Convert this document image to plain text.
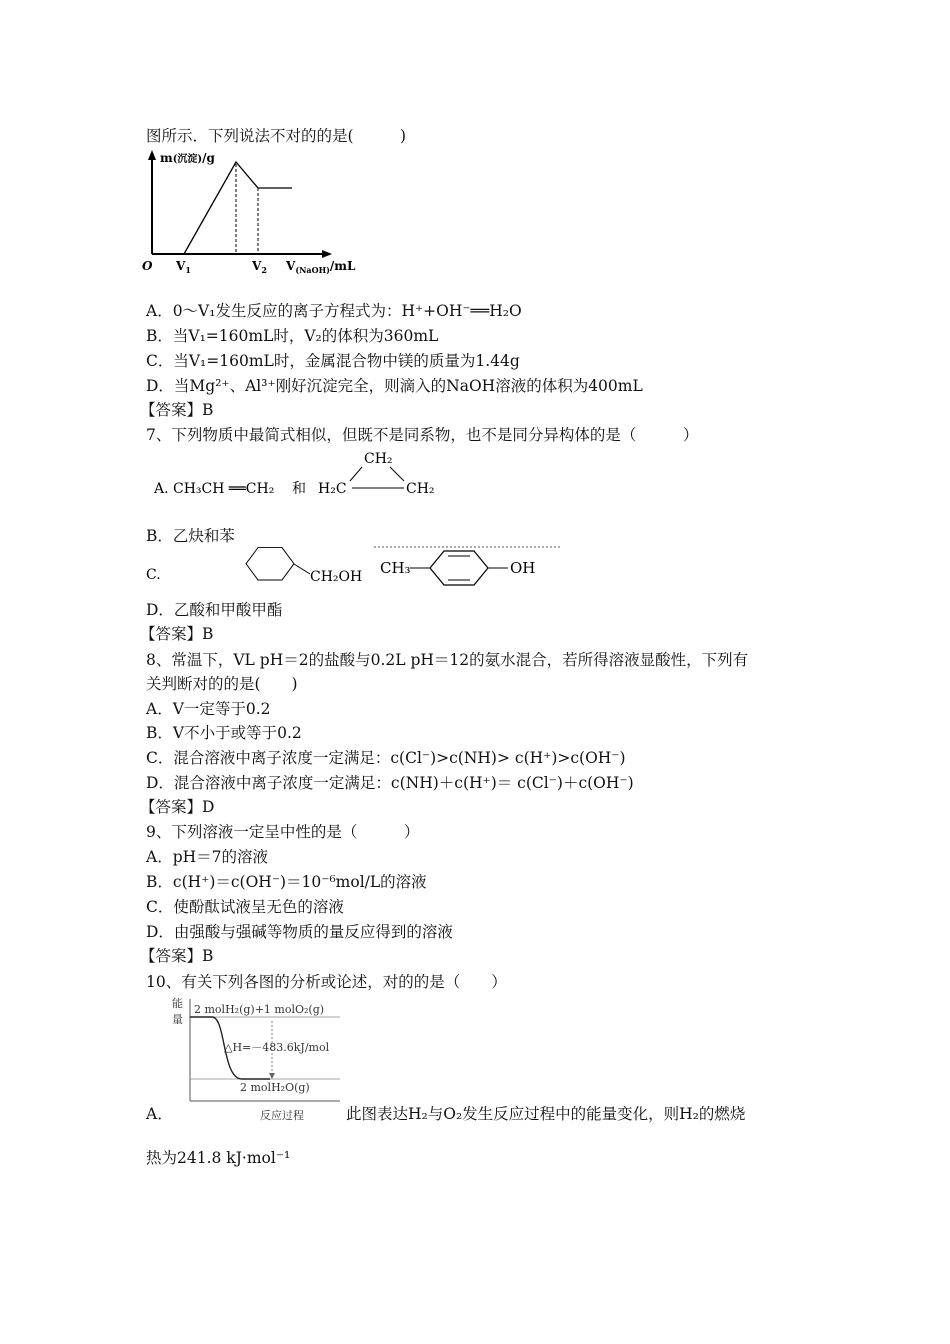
图所示．下列说法不对的的是(　　　)
m(沉淀)/g
O $V_1$	$V_2$ $V_{(NaOH)}/mL$
A．0～V₁发生反应的离子方程式为：H⁺+OH⁻══H₂O
B．当V₁=160mL时，V₂的体积为360mL
C．当V₁=160mL时，金属混合物中镁的质量为1.44g
D．当Mg²⁺、Al³⁺刚好沉淀完全，则滴入的NaOH溶液的体积为400mL
【答案】B
7、下列物质中最简式相似，但既不是同系物，也不是同分异构体的是（　　　）
A. CH₃CH ══CH₂ 和
CH₂
H₂C	CH₂
B．乙炔和苯
C.	CH₂OH CH₃	OH
D．乙酸和甲酸甲酯
【答案】B
8、常温下，VL pH＝2的盐酸与0.2L pH＝12的氨水混合，若所得溶液显酸性，下列有
关判断对的的是(　　)
A．V一定等于0.2
B．V不小于或等于0.2
C．混合溶液中离子浓度一定满足：c(Cl⁻)>c(NH)> c(H⁺)>c(OH⁻)
D．混合溶液中离子浓度一定满足：c(NH)＋c(H⁺)＝ c(Cl⁻)＋c(OH⁻)
【答案】D
9、下列溶液一定呈中性的是（　　　）
A．pH＝7的溶液
B．c(H⁺)＝c(OH⁻)＝10⁻⁶mol/L的溶液
C．使酚酞试液呈无色的溶液
D．由强酸与强碱等物质的量反应得到的溶液
【答案】B
10、有关下列各图的分析或论述，对的的是（　　）
能
量
2 molH₂(g)+1 molO₂(g)
△H=－483.6kJ/mol
2 molH₂O(g)
反应过程
A．	此图表达H₂与O₂发生反应过程中的能量变化，则H₂的燃烧
热为241.8 kJ·mol⁻¹
